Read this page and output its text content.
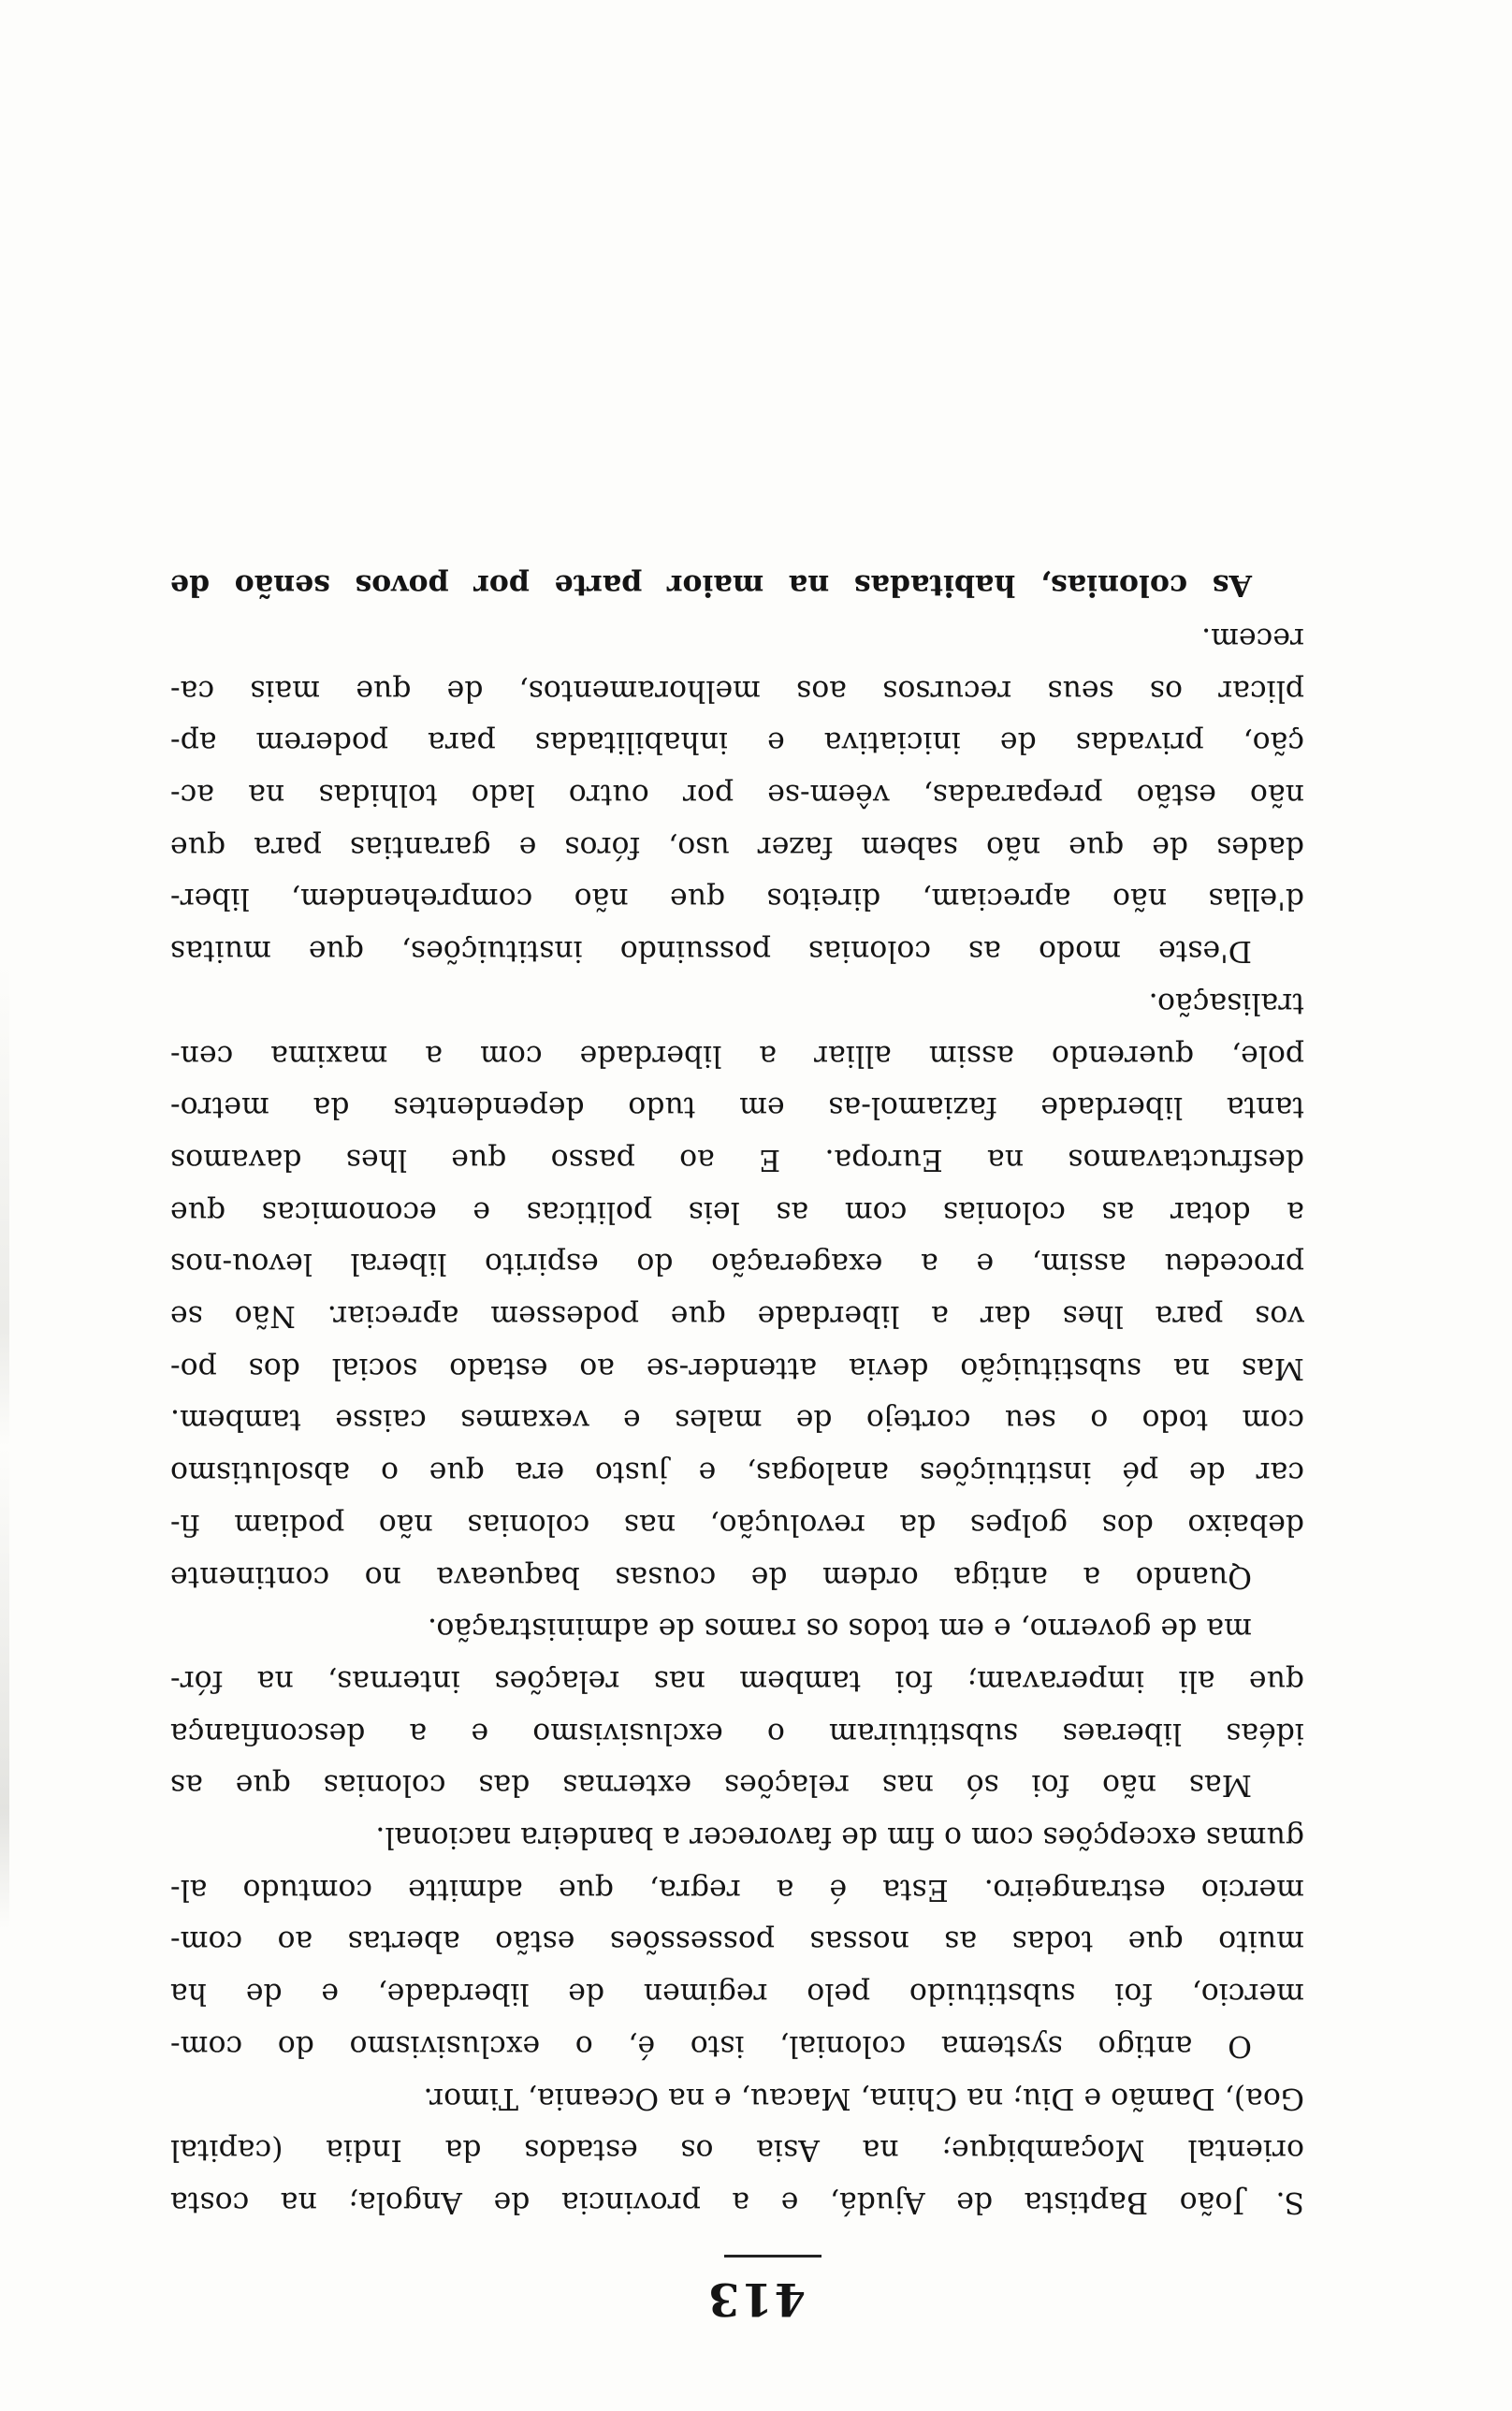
413
S. João Baptista de Ajudá, e a provincia de Angola; na costa
oriental Moçambique; na Asia os estados da India (capital
Goa), Damão e Diu; na China, Macau, e na Oceania, Timor.
O antigo systema colonial, isto é, o exclusivismo do com-
mercio, foi substituido pelo regimen de liberdade, e de ha
muito que todas as nossas possessões estão abertas ao com-
mercio estrangeiro. Esta é a regra, que admitte comtudo al-
gumas excepções com o fim de favorecer a bandeira nacional.
Mas não foi só nas relações externas das colonias que as
idéas liberaes substituiram o exclusivismo e a desconfiança
que ali imperavam; foi tambem nas relações internas, na fór-
ma de governo, e em todos os ramos de administração.
Quando a antiga ordem de cousas baqueava no continente
debaixo dos golpes da revolução, nas colonias não podiam fi-
car de pé instituições analogas, e justo era que o absolutismo
com todo o seu cortejo de males e vexames caisse tambem.
Mas na substituição devia attender-se ao estado social dos po-
vos para lhes dar a liberdade que podessem apreciar. Não se
procedeu assim, e a exageração do espirito liberal levou-nos
a dotar as colonias com as leis politicas e economicas que
desfructavamos na Europa. E ao passo que lhes davamos
tanta liberdade faziamol-as em tudo dependentes da metro-
pole, querendo assim alliar a liberdade com a maxima cen-
tralisação.
D'este modo as colonias possuindo instituições, que muitas
d'ellas não apreciam, direitos que não comprehendem, liber-
dades de que não sabem fazer uso, fóros e garantias para que
não estão preparadas, vêem-se por outro lado tolhidas na ac-
ção, privadas de iniciativa e inhabilitadas para poderem ap-
plicar os seus recursos aos melhoramentos, de que mais ca-
recem.
As colonias, habitadas na maior parte por povos senão de
